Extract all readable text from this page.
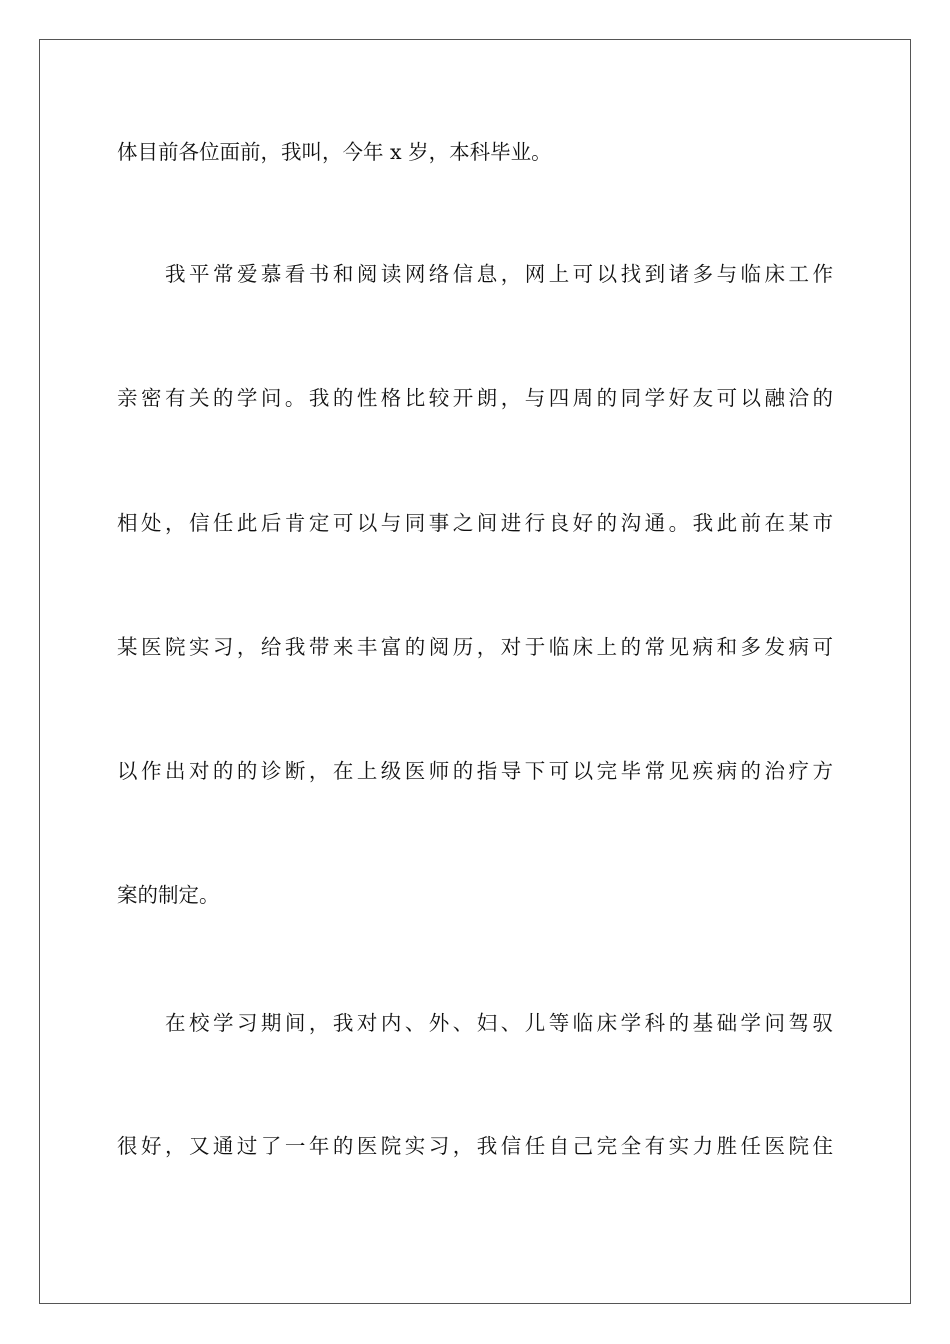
体目前各位面前，我叫，今年 x 岁，本科毕业。
我平常爱慕看书和阅读网络信息，网上可以找到诸多与临床工作
亲密有关的学问。我的性格比较开朗，与四周的同学好友可以融洽的
相处，信任此后肯定可以与同事之间进行良好的沟通。我此前在某市
某医院实习，给我带来丰富的阅历，对于临床上的常见病和多发病可
以作出对的的诊断，在上级医师的指导下可以完毕常见疾病的治疗方
案的制定。
在校学习期间，我对内、外、妇、儿等临床学科的基础学问驾驭
很好，又通过了一年的医院实习，我信任自己完全有实力胜任医院住
